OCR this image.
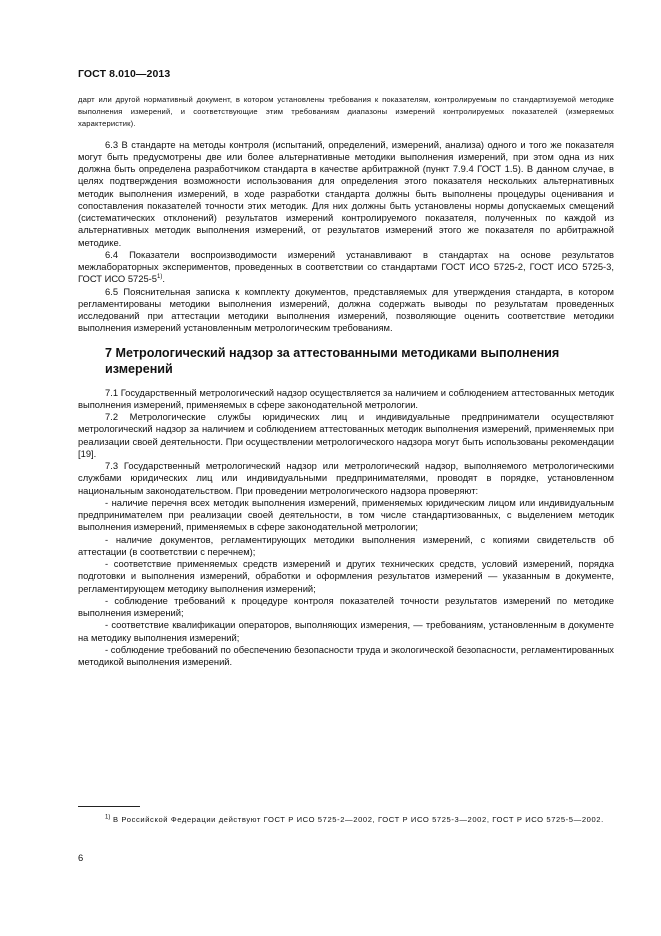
ГОСТ 8.010—2013

дарт или другой нормативный документ, в котором установлены требования к показателям, контролируемым по стандартизуемой методике выполнения измерений, и соответствующие этим требованиям диапазоны измерений контролируемых показателей (измеряемых характеристик).

6.3 В стандарте на методы контроля (испытаний, определений, измерений, анализа) одного и того же показателя могут быть предусмотрены две или более альтернативные методики выполнения измерений, при этом одна из них должна быть определена разработчиком стандарта в качестве арбитражной (пункт 7.9.4 ГОСТ 1.5). В данном случае, в целях подтверждения возможности использования для определения этого показателя нескольких альтернативных методик выполнения измерений, в ходе разработки стандарта должны быть выполнены процедуры оценивания и сопоставления показателей точности этих методик. Для них должны быть установлены нормы допускаемых смещений (систематических отклонений) результатов измерений контролируемого показателя, полученных по каждой из альтернативных методик выполнения измерений, от результатов измерений этого же показателя по арбитражной методике.

6.4 Показатели воспроизводимости измерений устанавливают в стандартах на основе результатов межлабораторных экспериментов, проведенных в соответствии со стандартами ГОСТ ИСО 5725-2, ГОСТ ИСО 5725-3, ГОСТ ИСО 5725-5$^{1)}$.

6.5 Пояснительная записка к комплекту документов, представляемых для утверждения стандарта, в котором регламентированы методики выполнения измерений, должна содержать выводы по результатам проведенных исследований при аттестации методики выполнения измерений, позволяющие оценить соответствие методики выполнения измерений установленным метрологическим требованиям.

7 Метрологический надзор за аттестованными методиками выполнения измерений

7.1 Государственный метрологический надзор осуществляется за наличием и соблюдением аттестованных методик выполнения измерений, применяемых в сфере законодательной метрологии.

7.2 Метрологические службы юридических лиц и индивидуальные предприниматели осуществляют метрологический надзор за наличием и соблюдением аттестованных методик выполнения измерений, применяемых при реализации своей деятельности. При осуществлении метрологического надзора могут быть использованы рекомендации [19].

7.3 Государственный метрологический надзор или метрологический надзор, выполняемого метрологическими службами юридических лиц или индивидуальными предпринимателями, проводят в порядке, установленном национальным законодательством. При проведении метрологического надзора проверяют:

- наличие перечня всех методик выполнения измерений, применяемых юридическим лицом или индивидуальным предпринимателем при реализации своей деятельности, в том числе стандартизованных, с выделением методик выполнения измерений, применяемых в сфере законодательной метрологии;

- наличие документов, регламентирующих методики выполнения измерений, с копиями свидетельств об аттестации (в соответствии с перечнем);

- соответствие применяемых средств измерений и других технических средств, условий измерений, порядка подготовки и выполнения измерений, обработки и оформления результатов измерений — указанным в документе, регламентирующем методику выполнения измерений;

- соблюдение требований к процедуре контроля показателей точности результатов измерений по методике выполнения измерений;

- соответствие квалификации операторов, выполняющих измерения, — требованиям, установленным в документе на методику выполнения измерений;

- соблюдение требований по обеспечению безопасности труда и экологической безопасности, регламентированных методикой выполнения измерений.

$^{1)}$ В Российской Федерации действуют ГОСТ Р ИСО 5725-2—2002, ГОСТ Р ИСО 5725-3—2002, ГОСТ Р ИСО 5725-5—2002.

6
